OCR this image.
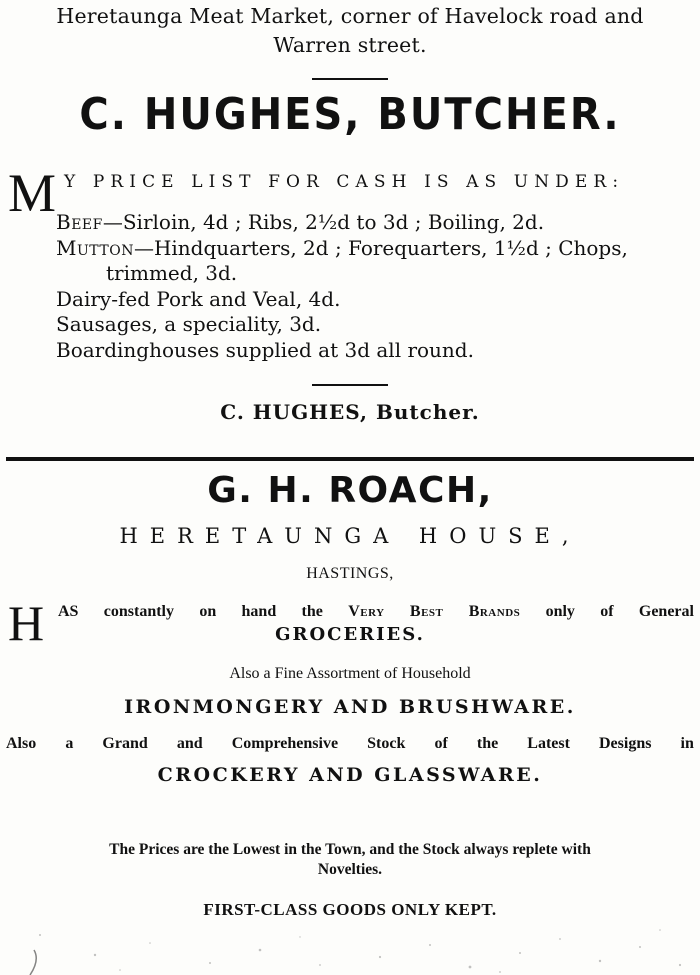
Heretaunga Meat Market, corner of Havelock road and
Warren street.
C. HUGHES, BUTCHER.
M Y PRICE LIST FOR CASH IS AS UNDER:
Beef—Sirloin, 4d ; Ribs, 2½d to 3d ; Boiling, 2d.
Mutton—Hindquarters, 2d ; Forequarters, 1½d ; Chops,
trimmed, 3d.
Dairy-fed Pork and Veal, 4d.
Sausages, a speciality, 3d.
Boardinghouses supplied at 3d all round.
C. HUGHES, Butcher.
G. H. ROACH,
HERETAUNGA HOUSE,
HASTINGS,
H AS constantly on hand the Very Best Brands only of General
GROCERIES.
Also a Fine Assortment of Household
IRONMONGERY AND BRUSHWARE.
Also a Grand and Comprehensive Stock of the Latest Designs in
CROCKERY AND GLASSWARE.
The Prices are the Lowest in the Town, and the Stock always replete with
Novelties.
FIRST-CLASS GOODS ONLY KEPT.
